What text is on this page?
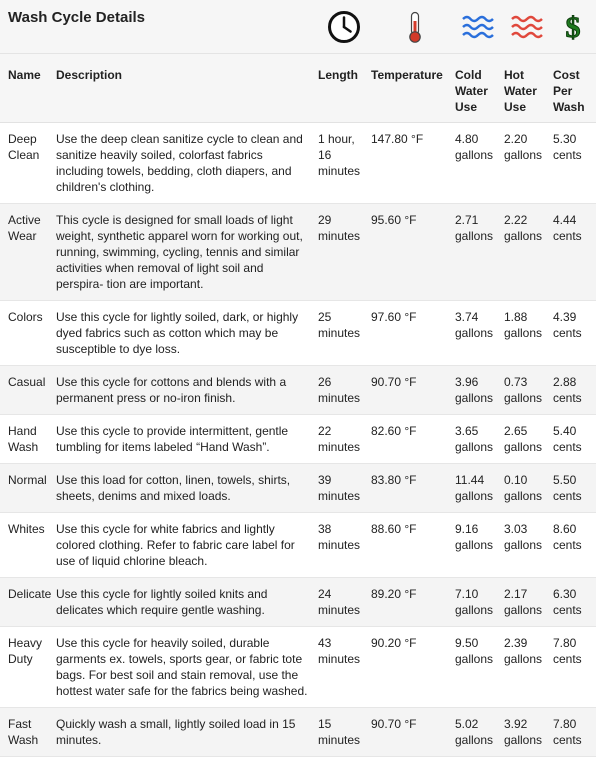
Wash Cycle Details	$
Name	Description	Length	Temperature	Cold Water Use	Hot Water Use	Cost Per Wash
Deep Clean	Use the deep clean sanitize cycle to clean and sanitize heavily soiled, colorfast fabrics including towels, bedding, cloth diapers, and children's clothing.	1 hour, 16 minutes	147.80 °F	4.80 gallons	2.20 gallons	5.30 cents
Active Wear	This cycle is designed for small loads of light weight, synthetic apparel worn for working out, running, swimming, cycling, tennis and similar activities when removal of light soil and perspira- tion are important.	29 minutes	95.60 °F	2.71 gallons	2.22 gallons	4.44 cents
Colors	Use this cycle for lightly soiled, dark, or highly dyed fabrics such as cotton which may be susceptible to dye loss.	25 minutes	97.60 °F	3.74 gallons	1.88 gallons	4.39 cents
Casual	Use this cycle for cottons and blends with a permanent press or no-iron finish.	26 minutes	90.70 °F	3.96 gallons	0.73 gallons	2.88 cents
Hand Wash	Use this cycle to provide intermittent, gentle tumbling for items labeled “Hand Wash”.	22 minutes	82.60 °F	3.65 gallons	2.65 gallons	5.40 cents
Normal	Use this load for cotton, linen, towels, shirts, sheets, denims and mixed loads.	39 minutes	83.80 °F	11.44 gallons	0.10 gallons	5.50 cents
Whites	Use this cycle for white fabrics and lightly colored clothing. Refer to fabric care label for use of liquid chlorine bleach.	38 minutes	88.60 °F	9.16 gallons	3.03 gallons	8.60 cents
Delicate	Use this cycle for lightly soiled knits and delicates which require gentle washing.	24 minutes	89.20 °F	7.10 gallons	2.17 gallons	6.30 cents
Heavy Duty	Use this cycle for heavily soiled, durable garments ex. towels, sports gear, or fabric tote bags. For best soil and stain removal, use the hottest water safe for the fabrics being washed.	43 minutes	90.20 °F	9.50 gallons	2.39 gallons	7.80 cents
Fast Wash	Quickly wash a small, lightly soiled load in 15 minutes.	15 minutes	90.70 °F	5.02 gallons	3.92 gallons	7.80 cents
